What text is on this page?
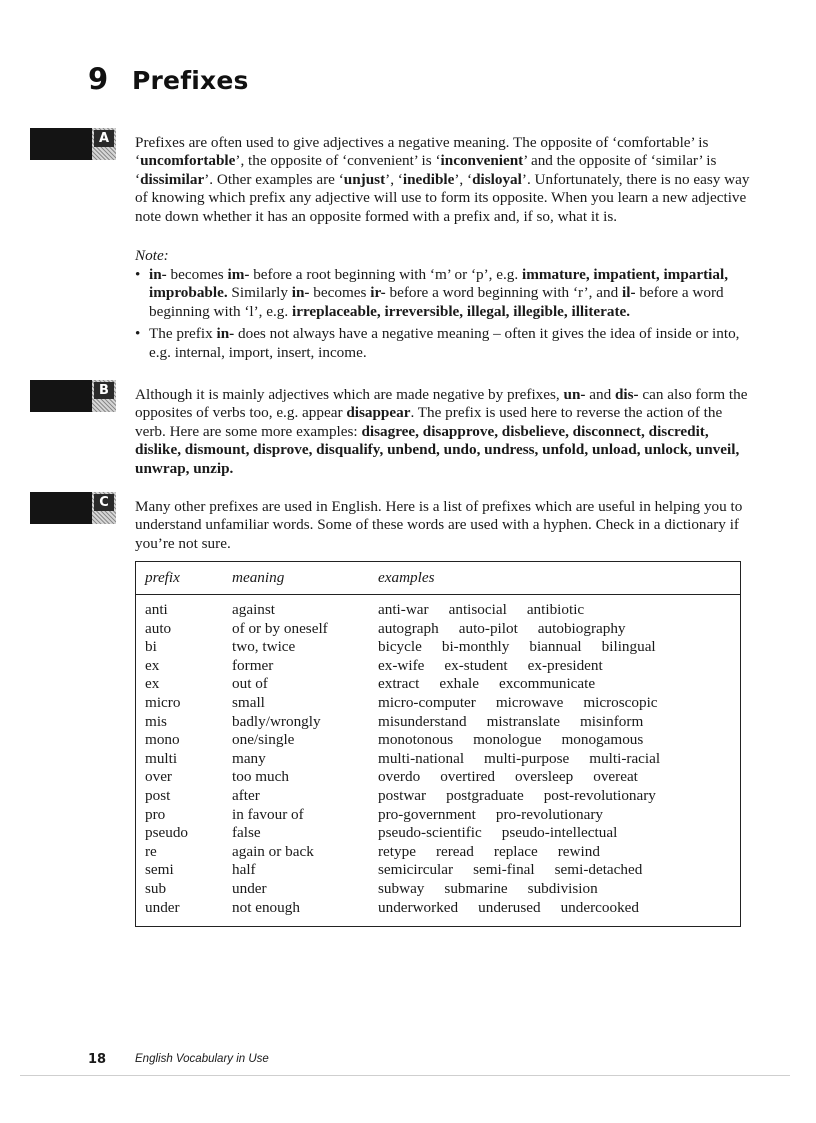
9 Prefixes
A	Prefixes are often used to give adjectives a negative meaning. The opposite of ‘comfortable’ is ‘uncomfortable’, the opposite of ‘convenient’ is ‘inconvenient’ and the opposite of ‘similar’ is ‘dissimilar’. Other examples are ‘unjust’, ‘inedible’, ‘disloyal’. Unfortunately, there is no easy way of knowing which prefix any adjective will use to form its opposite. When you learn a new adjective note down whether it has an opposite formed with a prefix and, if so, what it is.

Note:
• in- becomes im- before a root beginning with ‘m’ or ‘p’, e.g. immature, impatient, impartial, improbable. Similarly in- becomes ir- before a word beginning with ‘r’, and il- before a word beginning with ‘l’, e.g. irreplaceable, irreversible, illegal, illegible, illiterate.
• The prefix in- does not always have a negative meaning – often it gives the idea of inside or into, e.g. internal, import, insert, income.
B	Although it is mainly adjectives which are made negative by prefixes, un- and dis- can also form the opposites of verbs too, e.g. appear disappear. The prefix is used here to reverse the action of the verb. Here are some more examples: disagree, disapprove, disbelieve, disconnect, discredit, dislike, dismount, disprove, disqualify, unbend, undo, undress, unfold, unload, unlock, unveil, unwrap, unzip.

C	Many other prefixes are used in English. Here is a list of prefixes which are useful in helping you to understand unfamiliar words. Some of these words are used with a hyphen. Check in a dictionary if you’re not sure.

prefix	meaning	examples
anti	against	anti-war antisocial antibiotic
auto	of or by oneself	autograph auto-pilot autobiography
bi	two, twice	bicycle bi-monthly biannual bilingual
ex	former	ex-wife ex-student ex-president
ex	out of	extract exhale excommunicate
micro	small	micro-computer microwave microscopic
mis	badly/wrongly	misunderstand mistranslate misinform
mono	one/single	monotonous monologue monogamous
multi	many	multi-national multi-purpose multi-racial
over	too much	overdo overtired oversleep overeat
post	after	postwar postgraduate post-revolutionary
pro	in favour of	pro-government pro-revolutionary
pseudo	false	pseudo-scientific pseudo-intellectual
re	again or back	retype reread replace rewind
semi	half	semicircular semi-final semi-detached
sub	under	subway submarine subdivision
under	not enough	underworked underused undercooked
18	English Vocabulary in Use
